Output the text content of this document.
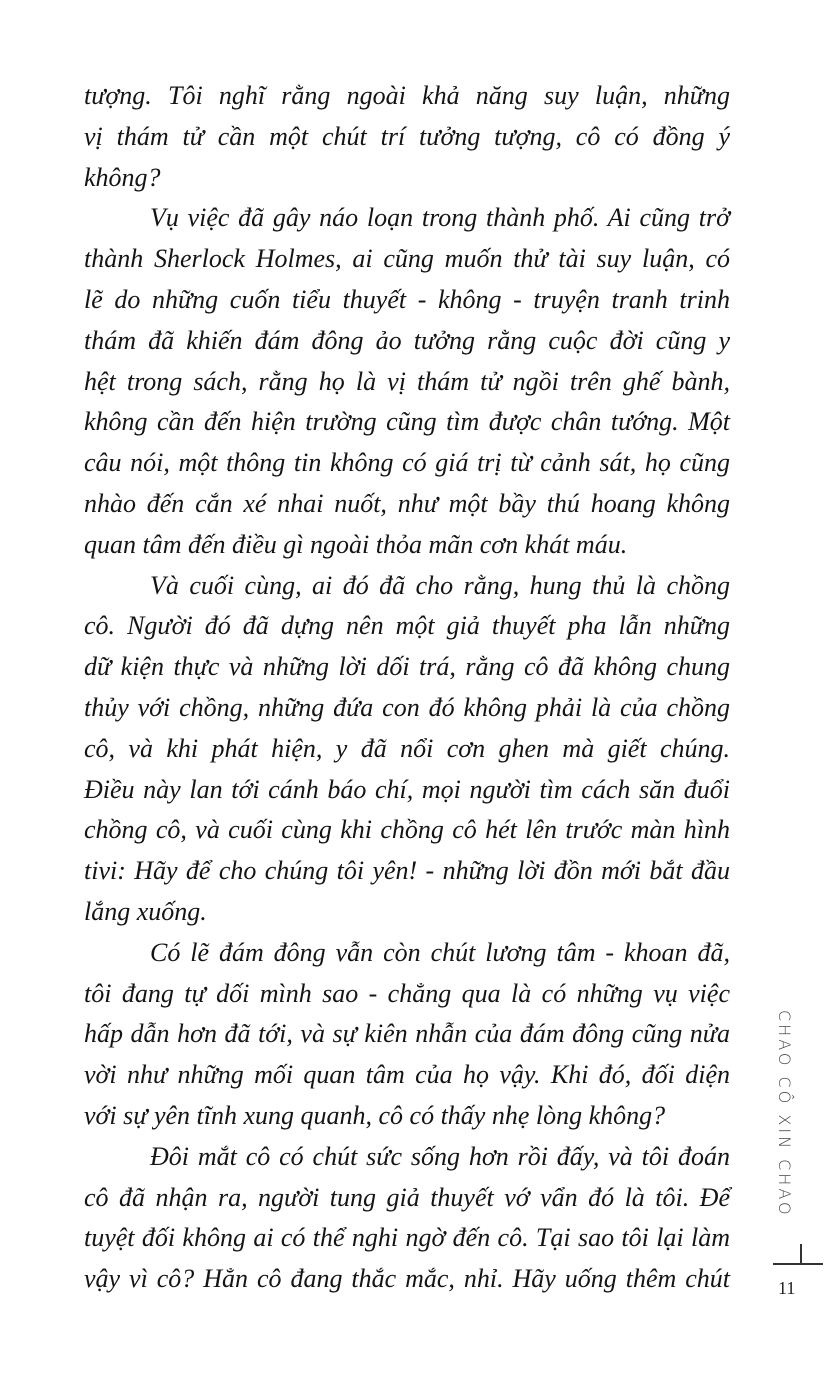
tượng. Tôi nghĩ rằng ngoài khả năng suy luận, những
vị thám tử cần một chút trí tưởng tượng, cô có đồng ý
không?
Vụ việc đã gây náo loạn trong thành phố. Ai cũng trở
thành Sherlock Holmes, ai cũng muốn thử tài suy luận, có
lẽ do những cuốn tiểu thuyết - không - truyện tranh trinh
thám đã khiến đám đông ảo tưởng rằng cuộc đời cũng y
hệt trong sách, rằng họ là vị thám tử ngồi trên ghế bành,
không cần đến hiện trường cũng tìm được chân tướng. Một
câu nói, một thông tin không có giá trị từ cảnh sát, họ cũng
nhào đến cắn xé nhai nuốt, như một bầy thú hoang không
quan tâm đến điều gì ngoài thỏa mãn cơn khát máu.
Và cuối cùng, ai đó đã cho rằng, hung thủ là chồng
cô. Người đó đã dựng nên một giả thuyết pha lẫn những
dữ kiện thực và những lời dối trá, rằng cô đã không chung
thủy với chồng, những đứa con đó không phải là của chồng
cô, và khi phát hiện, y đã nổi cơn ghen mà giết chúng.
Điều này lan tới cánh báo chí, mọi người tìm cách săn đuổi
chồng cô, và cuối cùng khi chồng cô hét lên trước màn hình
tivi: Hãy để cho chúng tôi yên! - những lời đồn mới bắt đầu
lắng xuống.
Có lẽ đám đông vẫn còn chút lương tâm - khoan đã,
tôi đang tự dối mình sao - chẳng qua là có những vụ việc
hấp dẫn hơn đã tới, và sự kiên nhẫn của đám đông cũng nửa
vời như những mối quan tâm của họ vậy. Khi đó, đối diện
với sự yên tĩnh xung quanh, cô có thấy nhẹ lòng không?
Đôi mắt cô có chút sức sống hơn rồi đấy, và tôi đoán
cô đã nhận ra, người tung giả thuyết vớ vẩn đó là tôi. Để
tuyệt đối không ai có thể nghi ngờ đến cô. Tại sao tôi lại làm
vậy vì cô? Hẳn cô đang thắc mắc, nhỉ. Hãy uống thêm chút
CHAO CÔ XIN CHAO
11
